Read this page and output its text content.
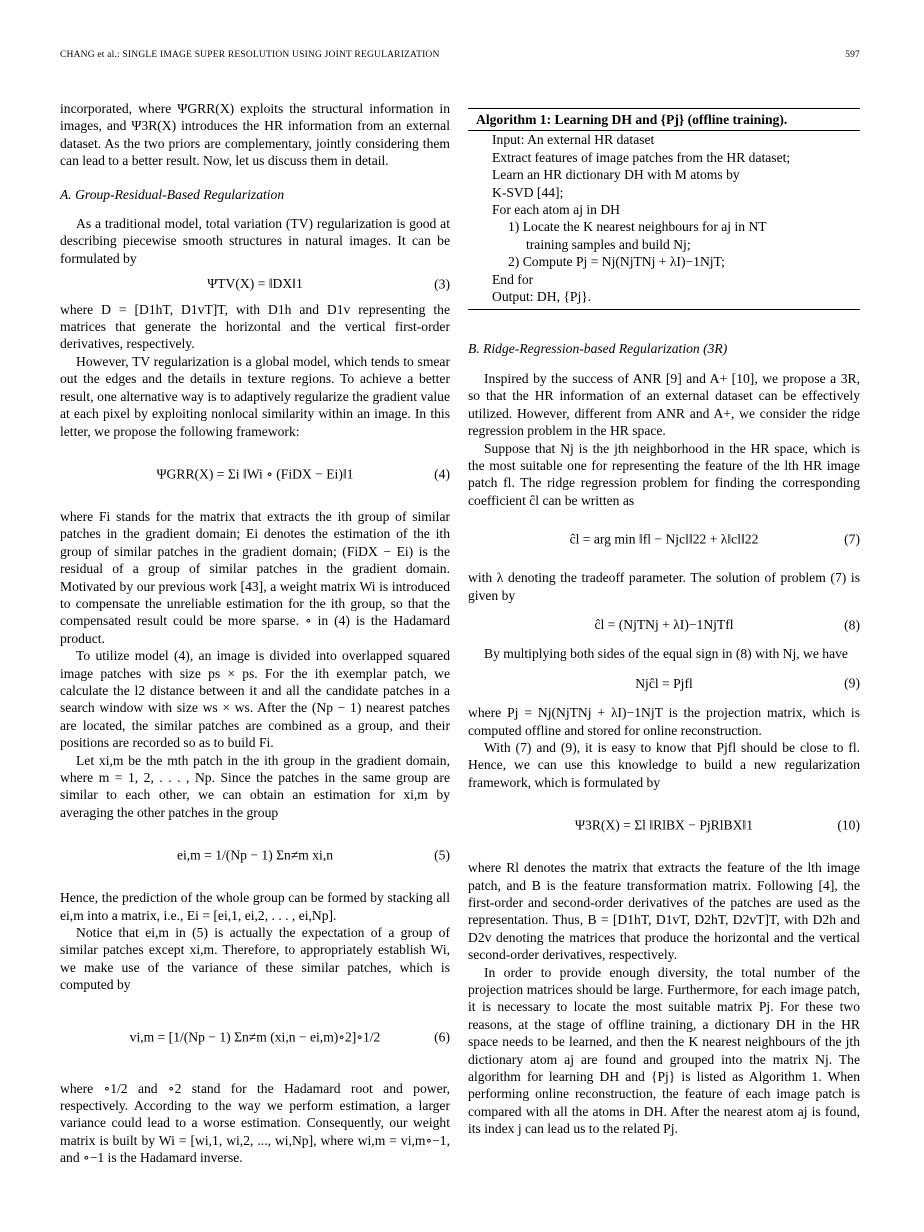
CHANG et al.: SINGLE IMAGE SUPER RESOLUTION USING JOINT REGULARIZATION	597

incorporated, where ΨGRR(X) exploits the structural information in images, and Ψ3R(X) introduces the HR information from an external dataset. As the two priors are complementary, jointly considering them can lead to a better result. Now, let us discuss them in detail.

A. Group-Residual-Based Regularization

As a traditional model, total variation (TV) regularization is good at describing piecewise smooth structures in natural images. It can be formulated by

ΨTV(X) = ‖DX‖1	(3)

where D = [D1hT, D1vT]T, with D1h and D1v representing the matrices that generate the horizontal and the vertical first-order derivatives, respectively.

However, TV regularization is a global model, which tends to smear out the edges and the details in texture regions. To achieve a better result, one alternative way is to adaptively regularize the gradient value at each pixel by exploiting nonlocal similarity within an image. In this letter, we propose the following framework:

ΨGRR(X) = Σi ‖Wi ∘ (FiDX − Ei)‖1	(4)

where Fi stands for the matrix that extracts the ith group of similar patches in the gradient domain; Ei denotes the estimation of the ith group of similar patches in the gradient domain; (FiDX − Ei) is the residual of a group of similar patches in the gradient domain. Motivated by our previous work [43], a weight matrix Wi is introduced to compensate the unreliable estimation for the ith group, so that the compensated result could be more sparse. ∘ in (4) is the Hadamard product.

To utilize model (4), an image is divided into overlapped squared image patches with size ps × ps. For the ith exemplar patch, we calculate the l2 distance between it and all the candidate patches in a search window with size ws × ws. After the (Np − 1) nearest patches are located, the similar patches are combined as a group, and their positions are recorded so as to build Fi.

Let xi,m be the mth patch in the ith group in the gradient domain, where m = 1, 2, . . . , Np. Since the patches in the same group are similar to each other, we can obtain an estimation for xi,m by averaging the other patches in the group

ei,m = 1/(Np − 1) Σn≠m xi,n	(5)

Hence, the prediction of the whole group can be formed by stacking all ei,m into a matrix, i.e., Ei = [ei,1, ei,2, . . . , ei,Np].

Notice that ei,m in (5) is actually the expectation of a group of similar patches except xi,m. Therefore, to appropriately establish Wi, we make use of the variance of these similar patches, which is computed by

vi,m = [1/(Np − 1) Σn≠m (xi,n − ei,m)∘2]∘1/2	(6)

where ∘1/2 and ∘2 stand for the Hadamard root and power, respectively. According to the way we perform estimation, a larger variance could lead to a worse estimation. Consequently, our weight matrix is built by Wi = [wi,1, wi,2, ..., wi,Np], where wi,m = vi,m∘−1, and ∘−1 is the Hadamard inverse.

Algorithm 1: Learning DH and {Pj} (offline training).
Input: An external HR dataset
Extract features of image patches from the HR dataset;
Learn an HR dictionary DH with M atoms by
K-SVD [44];
For each atom aj in DH
1) Locate the K nearest neighbours for aj in NT
training samples and build Nj;
2) Compute Pj = Nj(NjTNj + λI)−1NjT;
End for
Output: DH, {Pj}.
B. Ridge-Regression-based Regularization (3R)

Inspired by the success of ANR [9] and A+ [10], we propose a 3R, so that the HR information of an external dataset can be effectively utilized. However, different from ANR and A+, we consider the ridge regression problem in the HR space.

Suppose that Nj is the jth neighborhood in the HR space, which is the most suitable one for representing the feature of the lth HR image patch fl. The ridge regression problem for finding the corresponding coefficient ĉl can be written as

ĉl = arg min ‖fl − Njcl‖22 + λ‖cl‖22	(7)

with λ denoting the tradeoff parameter. The solution of problem (7) is given by

ĉl = (NjTNj + λI)−1NjTfl	(8)

By multiplying both sides of the equal sign in (8) with Nj, we have

Njĉl = Pjfl	(9)

where Pj = Nj(NjTNj + λI)−1NjT is the projection matrix, which is computed offline and stored for online reconstruction.

With (7) and (9), it is easy to know that Pjfl should be close to fl. Hence, we can use this knowledge to build a new regularization framework, which is formulated by

Ψ3R(X) = Σl ‖RlBX − PjRlBX‖1	(10)

where Rl denotes the matrix that extracts the feature of the lth image patch, and B is the feature transformation matrix. Following [4], the first-order and second-order derivatives of the patches are used as the representation. Thus, B = [D1hT, D1vT, D2hT, D2vT]T, with D2h and D2v denoting the matrices that produce the horizontal and the vertical second-order derivatives, respectively.

In order to provide enough diversity, the total number of the projection matrices should be large. Furthermore, for each image patch, it is necessary to locate the most suitable matrix Pj. For these two reasons, at the stage of offline training, a dictionary DH in the HR space needs to be learned, and then the K nearest neighbours of the jth dictionary atom aj are found and grouped into the matrix Nj. The algorithm for learning DH and {Pj} is listed as Algorithm 1. When performing online reconstruction, the feature of each image patch is compared with all the atoms in DH. After the nearest atom aj is found, its index j can lead us to the related Pj.
